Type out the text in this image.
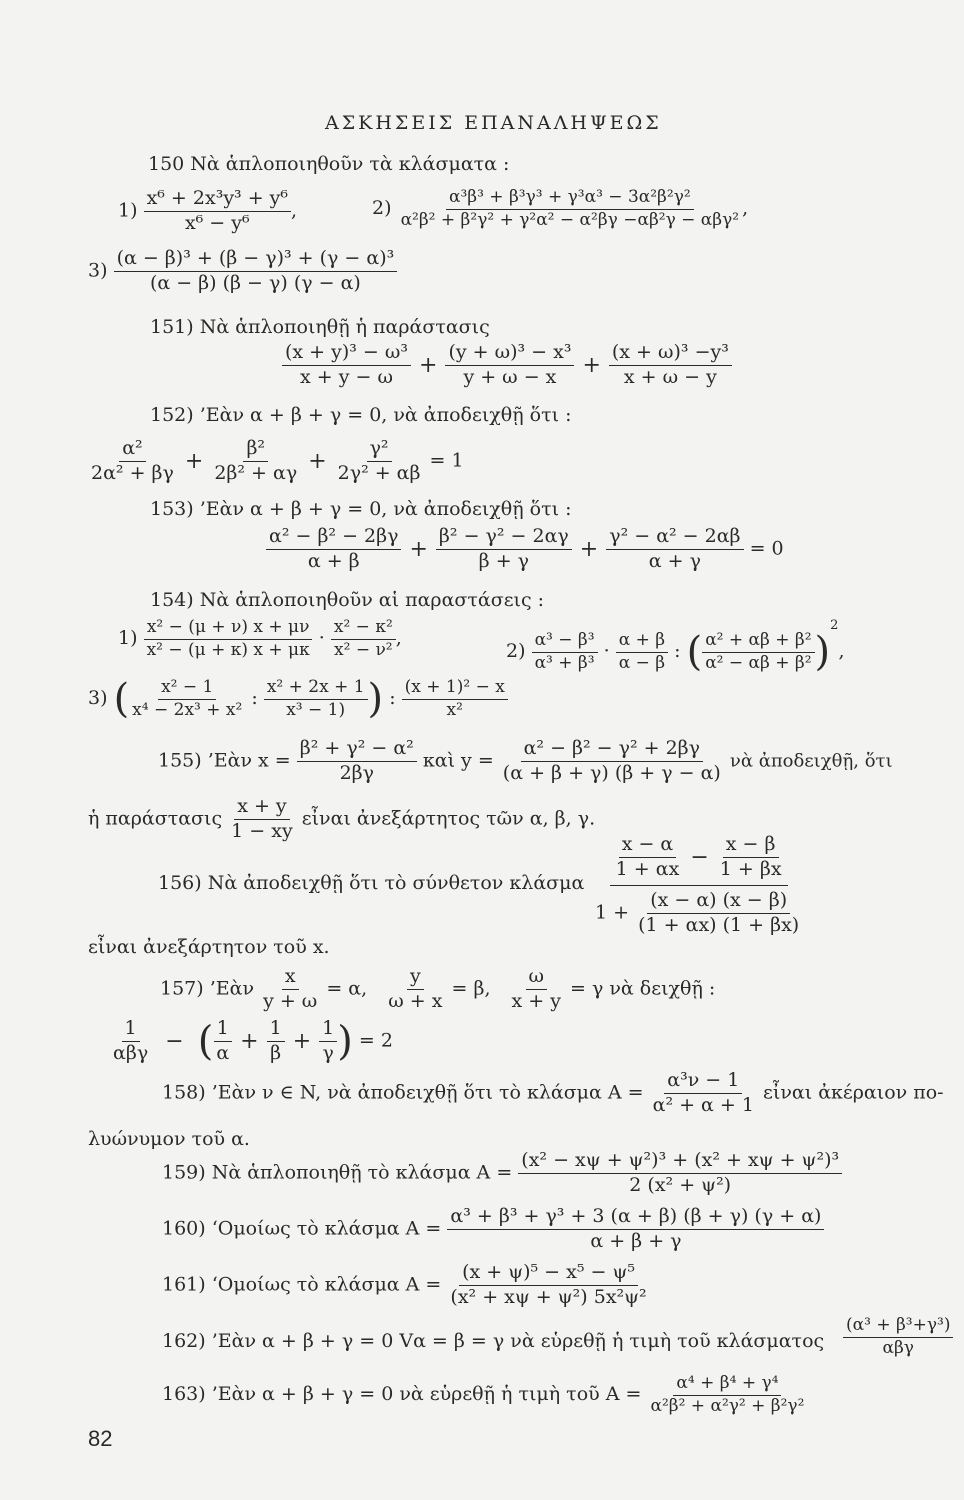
ΑΣΚΗΣΕΙΣ ΕΠΑΝΑΛΗΨΕΩΣ
150 Νὰ ἁπλοποιηθοῦν τὰ κλάσματα :
$1) \frac{\text{x⁶ + 2x³y³ + y⁶}}{\text{x⁶ − y⁶}}$ ,	$2) \frac{\text{α³β³ + β³γ³ + γ³α³ − 3α²β²γ²}}{\text{α²β² + β²γ² + γ²α² − α²βγ −αβ²γ − αβγ²}}$ ,
$3) \frac{\text{(α − β)³ + (β − γ)³ + (γ − α)³}}{(\alpha - \beta) (\beta - \gamma) (\gamma - \alpha)}$
151) Νὰ ἁπλοποιηθῇ ἡ παράστασις
$\frac{\text{(x + y)³ − ω³}}{x + y - \omega} + \frac{\text{(y + ω)³ − x³}}{y + \omega - x} + \frac{\text{(x + ω)³ −y³}}{x + \omega - y}$
152) ’Εὰν α + β + γ = 0, νὰ ἀποδειχθῇ ὅτι :
$\frac{\text{α²}}{\text{2α² + βγ}} + \frac{\text{β²}}{\text{2β² + αγ}} + \frac{\text{γ²}}{\text{2γ² + αβ}} = 1$
153) ’Εὰν α + β + γ = 0, νὰ ἀποδειχθῇ ὅτι :
$\frac{\text{α² − β² − 2βγ}}{\alpha + \beta} + \frac{\text{β² − γ² − 2αγ}}{\beta + \gamma} + \frac{\text{γ² − α² − 2αβ}}{\alpha + \gamma} = 0$
154) Νὰ ἁπλοποιηθοῦν αἱ παραστάσεις :
$1) \frac{\text{x² − (μ + ν) x + μν}}{\text{x² − (μ + κ) x + μκ}} \cdot \frac{\text{x² − κ²}}{\text{x² − ν²}}$ ,
$2) \frac{\text{α³ − β³}}{\text{α³ + β³}} \cdot \frac{\alpha + \beta}{\alpha - \beta}$ : ( $\frac{\text{α² + αβ + β²}}{\text{α² − αβ + β²}} )^2$,
3) ( $\frac{\text{x² − 1}}{\text{x⁴ − 2x³ + x²}}$ : $\frac{\text{x² + 2x + 1}}{\text{x³ − 1)}}$ ) : $\frac{\text{(x + 1)² − x}}{\text{x²}}$
155) ’Εὰν $x = \frac{\text{β² + γ² − α²}}{2\beta\gamma}$ καὶ $y = \frac{\text{α² − β² − γ² + 2βγ}}{(\alpha + \beta + \gamma) (\beta + \gamma - \alpha)}$ νὰ ἀποδειχθῇ, ὅτι
ἡ παράστασις $\frac{x + y}{1 - xy}$ εἶναι ἀνεξάρτητος τῶν α, β, γ.
156) Νὰ ἀποδειχθῇ ὅτι τὸ σύνθετον κλάσμα $\frac{\frac{x - \alpha}{1 + \alpha x} - \frac{x - \beta}{1 + \beta x}}{1 + \frac{(x - \alpha) (x - \beta)}{(1 + \alpha x) (1 + \beta x)}}$
εἶναι ἀνεξάρτητον τοῦ x.
157) ’Εὰν $\frac{x}{y + \omega} = \alpha$, $\frac{y}{\omega + x} = \beta$, $\frac{\omega}{x + y} = \gamma$ νὰ δειχθῇ :
$\frac{1}{\text{αβγ}}$ − ( $\frac{1}{\alpha} + \frac{1}{\beta} + \frac{1}{\gamma}$ ) = 2
158) ’Εὰν ν ∈ N, νὰ ἀποδειχθῇ ὅτι τὸ κλάσμα $A = \frac{\text{α³ν − 1}}{\text{α² + α + 1}}$ εἶναι ἀκέραιον πο-
λυώνυμον τοῦ α.
159) Νὰ ἁπλοποιηθῇ τὸ κλάσμα $A = \frac{\text{(x² − xψ + ψ²)³ + (x² + xψ + ψ²)³}}{\text{2 (x² + ψ²)}}$
160) ‘Ομοίως τὸ κλάσμα $A = \frac{\text{α³ + β³ + γ³ + 3 (α + β) (β + γ) (γ + α)}}{\alpha + \beta + \gamma}$
161) ‘Ομοίως τὸ κλάσμα $A = \frac{\text{(x + ψ)⁵ − x⁵ − ψ⁵}}{\text{(x² + xψ + ψ²) 5x²ψ²}}$
162) ’Εὰν α + β + γ = 0 Vα = β = γ νὰ εὑρεθῇ ἡ τιμὴ τοῦ κλάσματος $\frac{\text{(α³ + β³+γ³)}}{\text{αβγ}}$
163) ’Εὰν α + β + γ = 0 νὰ εὑρεθῇ ἡ τιμὴ τοῦ $A = \frac{\text{α⁴ + β⁴ + γ⁴}}{\text{α²β² + α²γ² + β²γ²}}$
82
